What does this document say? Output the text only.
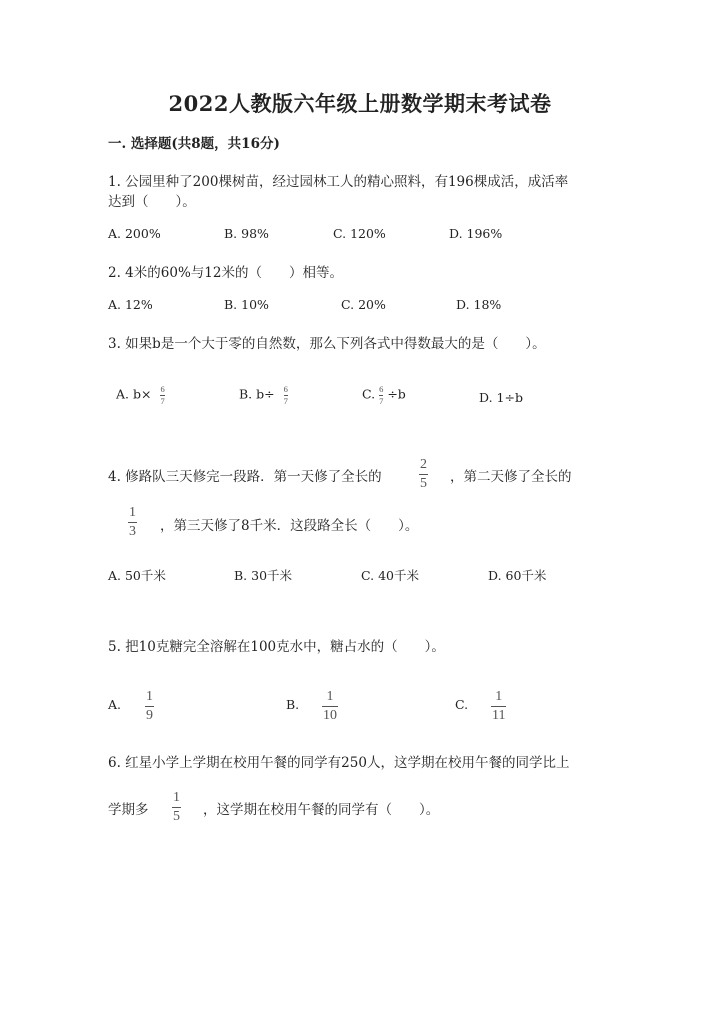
2022人教版六年级上册数学期末考试卷
一. 选择题(共8题，共16分)
1. 公园里种了200棵树苗，经过园林工人的精心照料，有196棵成活，成活率
达到（　　）。
A. 200%	B. 98%	C. 120%	D. 196%
2. 4米的60%与12米的（　　）相等。
A. 12%	B. 10%	C. 20%	D. 18%
3. 如果b是一个大于零的自然数，那么下列各式中得数最大的是（　　）。
A. $b\times \frac{6}{7}$	B. $b\div \frac{6}{7}$	C. $\frac{6}{7} \div b$	D. 1÷b
4. 修路队三天修完一段路．第一天修了全长的	$\frac{2}{5}$ ，第二天修了全长的
$\frac{1}{3}$ ，第三天修了8千米．这段路全长（　　）。
A. 50千米	B. 30千米	C. 40千米	D. 60千米
5. 把10克糖完全溶解在100克水中，糖占水的（　　）。
A. $\frac{1}{9}$	B. $\frac{1}{10}$	C. $\frac{1}{11}$
6. 红星小学上学期在校用午餐的同学有250人，这学期在校用午餐的同学比上
学期多 $\frac{1}{5}$ ，这学期在校用午餐的同学有（　　）。
